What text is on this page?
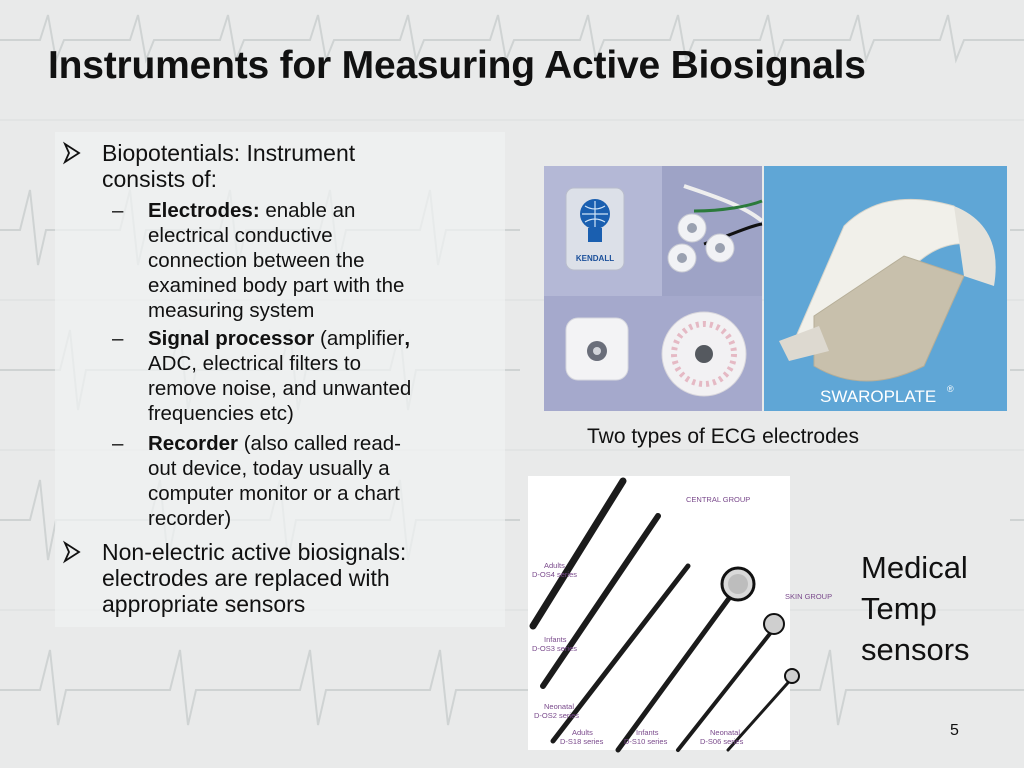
Instruments for Measuring Active Biosignals
Biopotentials: Instrument
consists of:
– Electrodes: enable an
electrical conductive
connection between the
examined body part with the
measuring system
– Signal processor (amplifier,
ADC, electrical filters to
remove noise, and unwanted
frequencies etc)
– Recorder (also called read-
out device, today usually a
computer monitor or a chart
recorder)
Non-electric active biosignals:
electrodes are replaced with
appropriate sensors
KENDALL
SWAROPLATE ®
Two types of ECG electrodes
CENTRAL GROUP
SKIN GROUP
Adults
D-OS4 series
Infants
D-OS3 series
Neonatal
D-OS2 series
Adults
D-S18 series
Infants
D-S10 series
Neonatal
D-S06 series
Medical
Temp
sensors
5
